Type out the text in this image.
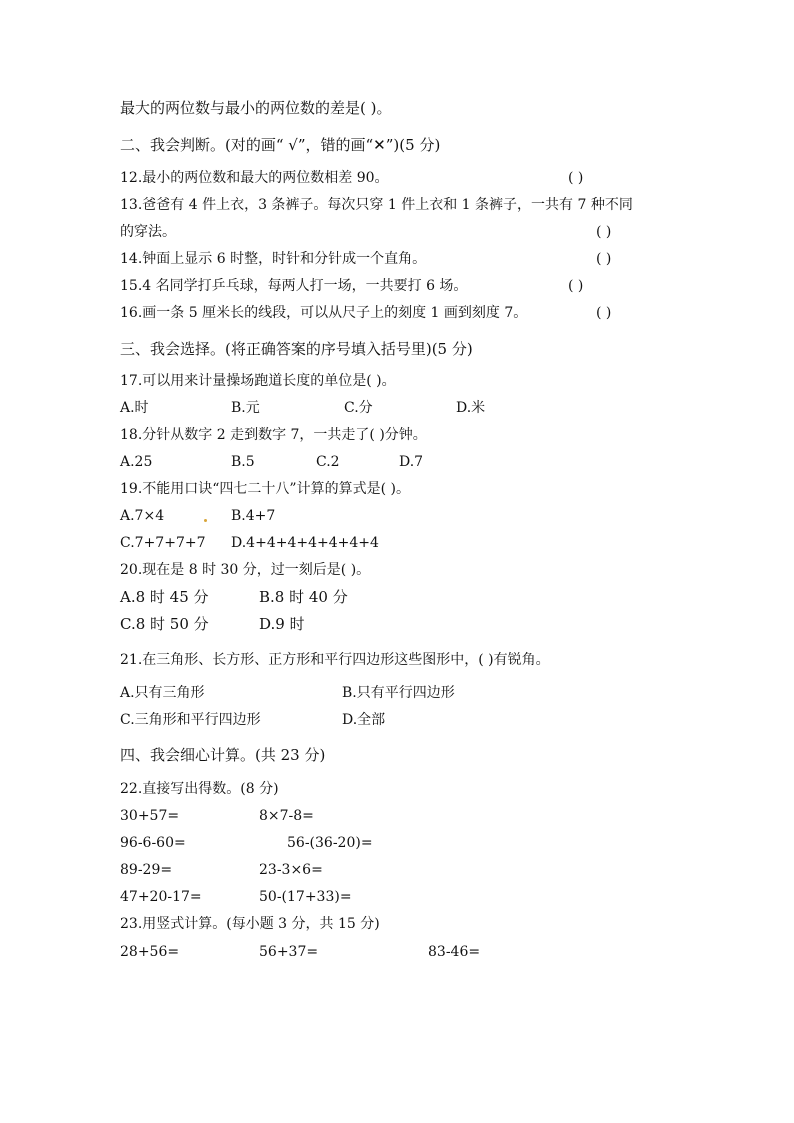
最大的两位数与最小的两位数的差是( )。
二、我会判断。(对的画“ √”，错的画“✕”)(5 分)
12.最小的两位数和最大的两位数相差 90。	( )
13.爸爸有 4 件上衣，3 条裤子。每次只穿 1 件上衣和 1 条裤子，一共有 7 种不同
的穿法。	( )
14.钟面上显示 6 时整，时针和分针成一个直角。	( )
15.4 名同学打乒乓球，每两人打一场，一共要打 6 场。	( )
16.画一条 5 厘米长的线段，可以从尺子上的刻度 1 画到刻度 7。	( )
三、我会选择。(将正确答案的序号填入括号里)(5 分)
17.可以用来计量操场跑道长度的单位是( )。
A.时	B.元	C.分	D.米
18.分针从数字 2 走到数字 7，一共走了( )分钟。
A.25	B.5	C.2	D.7
19.不能用口诀“四七二十八”计算的算式是( )。
A.7×4	B.4+7
C.7+7+7+7 D.4+4+4+4+4+4+4
20.现在是 8 时 30 分，过一刻后是( )。
A.8 时 45 分	B.8 时 40 分
C.8 时 50 分	D.9 时
21.在三角形、长方形、正方形和平行四边形这些图形中，( )有锐角。
A.只有三角形	B.只有平行四边形
C.三角形和平行四边形	D.全部
四、我会细心计算。(共 23 分)
22.直接写出得数。(8 分)
30+57=	8×7-8=
96-6-60=	56-(36-20)=
89-29=	23-3×6=
47+20-17=	50-(17+33)=
23.用竖式计算。(每小题 3 分，共 15 分)
28+56=	56+37=	83-46=
